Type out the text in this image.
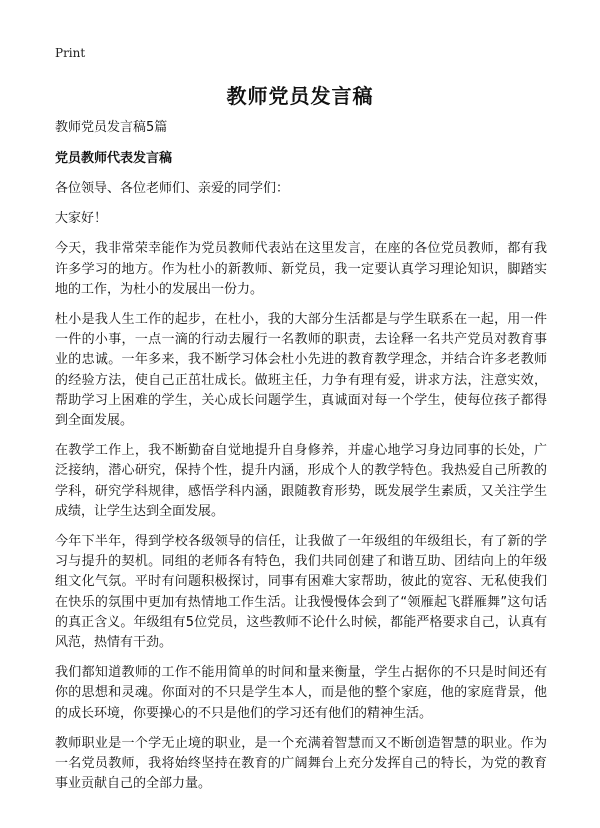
Print
教师党员发言稿

教师党员发言稿5篇

党员教师代表发言稿

各位领导、各位老师们、亲爱的同学们：

大家好！

今天，我非常荣幸能作为党员教师代表站在这里发言，在座的各位党员教师，都有我许多学习的地方。作为杜小的新教师、新党员，我一定要认真学习理论知识，脚踏实地的工作，为杜小的发展出一份力。

杜小是我人生工作的起步，在杜小，我的大部分生活都是与学生联系在一起，用一件一件的小事，一点一滴的行动去履行一名教师的职责，去诠释一名共产党员对教育事业的忠诚。一年多来，我不断学习体会杜小先进的教育教学理念，并结合许多老教师的经验方法，使自己正茁壮成长。做班主任，力争有理有爱，讲求方法，注意实效，帮助学习上困难的学生，关心成长问题学生，真诚面对每一个学生，使每位孩子都得到全面发展。

在教学工作上，我不断勤奋自觉地提升自身修养，并虚心地学习身边同事的长处，广泛接纳，潜心研究，保持个性，提升内涵，形成个人的教学特色。我热爱自己所教的学科，研究学科规律，感悟学科内涵，跟随教育形势，既发展学生素质，又关注学生成绩，让学生达到全面发展。

今年下半年，得到学校各级领导的信任，让我做了一年级组的年级组长，有了新的学习与提升的契机。同组的老师各有特色，我们共同创建了和谐互助、团结向上的年级组文化气氛。平时有问题积极探讨，同事有困难大家帮助，彼此的宽容、无私使我们在快乐的氛围中更加有热情地工作生活。让我慢慢体会到了“领雁起飞群雁舞”这句话的真正含义。年级组有5位党员，这些教师不论什么时候，都能严格要求自己，认真有风范，热情有干劲。

我们都知道教师的工作不能用简单的时间和量来衡量，学生占据你的不只是时间还有你的思想和灵魂。你面对的不只是学生本人，而是他的整个家庭，他的家庭背景，他的成长环境，你要操心的不只是他们的学习还有他们的精神生活。

教师职业是一个学无止境的职业，是一个充满着智慧而又不断创造智慧的职业。作为一名党员教师，我将始终坚持在教育的广阔舞台上充分发挥自己的特长，为党的教育事业贡献自己的全部力量。
